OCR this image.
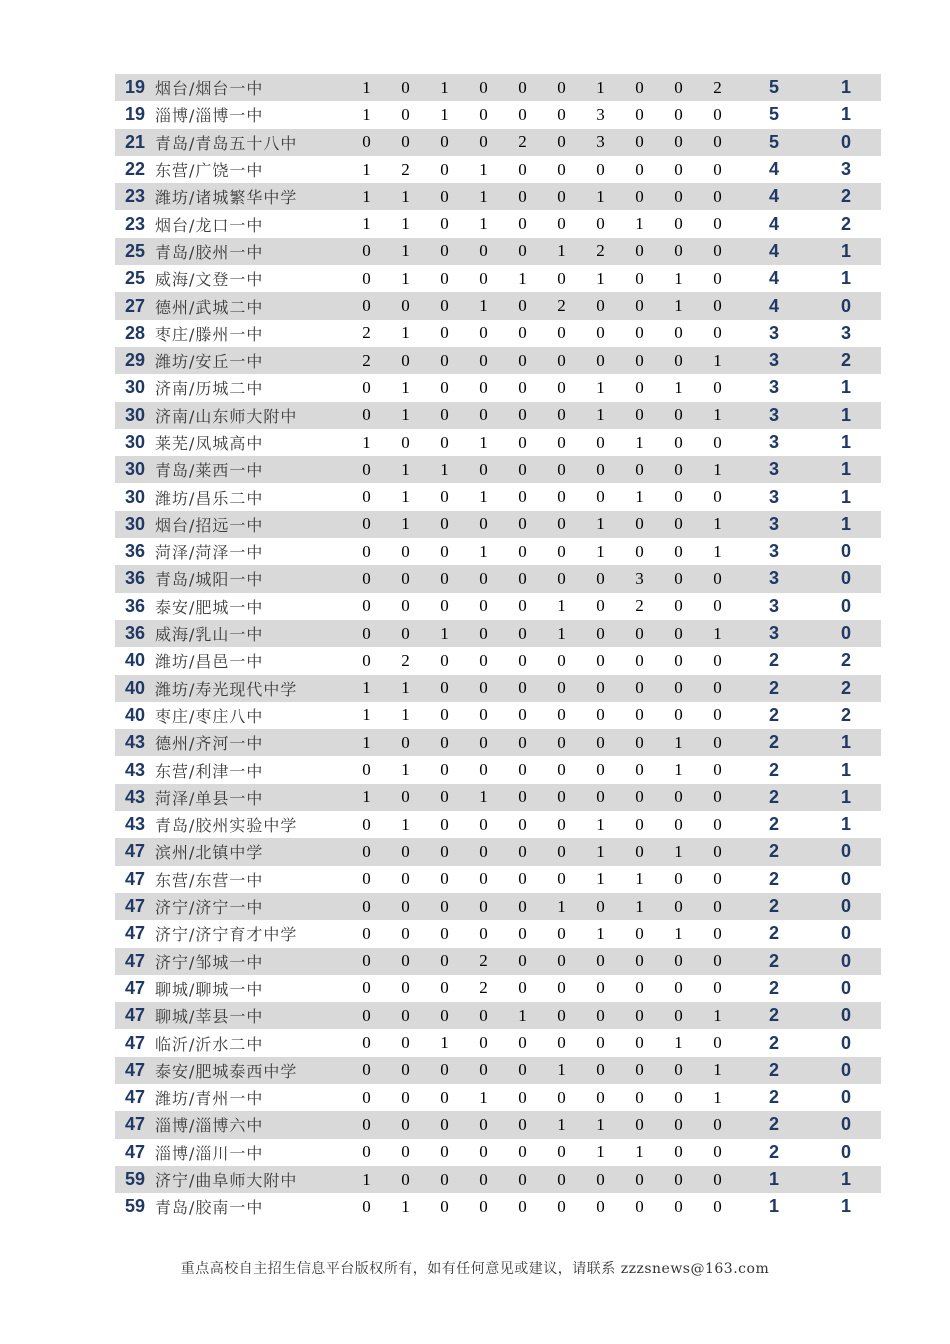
19	烟台/烟台一中	1	0	1	0	0	0	1	0	0	2	5	1
19	淄博/淄博一中	1	0	1	0	0	0	3	0	0	0	5	1
21	青岛/青岛五十八中	0	0	0	0	2	0	3	0	0	0	5	0
22	东营/广饶一中	1	2	0	1	0	0	0	0	0	0	4	3
23	潍坊/诸城繁华中学	1	1	0	1	0	0	1	0	0	0	4	2
23	烟台/龙口一中	1	1	0	1	0	0	0	1	0	0	4	2
25	青岛/胶州一中	0	1	0	0	0	1	2	0	0	0	4	1
25	威海/文登一中	0	1	0	0	1	0	1	0	1	0	4	1
27	德州/武城二中	0	0	0	1	0	2	0	0	1	0	4	0
28	枣庄/滕州一中	2	1	0	0	0	0	0	0	0	0	3	3
29	潍坊/安丘一中	2	0	0	0	0	0	0	0	0	1	3	2
30	济南/历城二中	0	1	0	0	0	0	1	0	1	0	3	1
30	济南/山东师大附中	0	1	0	0	0	0	1	0	0	1	3	1
30	莱芜/凤城高中	1	0	0	1	0	0	0	1	0	0	3	1
30	青岛/莱西一中	0	1	1	0	0	0	0	0	0	1	3	1
30	潍坊/昌乐二中	0	1	0	1	0	0	0	1	0	0	3	1
30	烟台/招远一中	0	1	0	0	0	0	1	0	0	1	3	1
36	菏泽/菏泽一中	0	0	0	1	0	0	1	0	0	1	3	0
36	青岛/城阳一中	0	0	0	0	0	0	0	3	0	0	3	0
36	泰安/肥城一中	0	0	0	0	0	1	0	2	0	0	3	0
36	威海/乳山一中	0	0	1	0	0	1	0	0	0	1	3	0
40	潍坊/昌邑一中	0	2	0	0	0	0	0	0	0	0	2	2
40	潍坊/寿光现代中学	1	1	0	0	0	0	0	0	0	0	2	2
40	枣庄/枣庄八中	1	1	0	0	0	0	0	0	0	0	2	2
43	德州/齐河一中	1	0	0	0	0	0	0	0	1	0	2	1
43	东营/利津一中	0	1	0	0	0	0	0	0	1	0	2	1
43	菏泽/单县一中	1	0	0	1	0	0	0	0	0	0	2	1
43	青岛/胶州实验中学	0	1	0	0	0	0	1	0	0	0	2	1
47	滨州/北镇中学	0	0	0	0	0	0	1	0	1	0	2	0
47	东营/东营一中	0	0	0	0	0	0	1	1	0	0	2	0
47	济宁/济宁一中	0	0	0	0	0	1	0	1	0	0	2	0
47	济宁/济宁育才中学	0	0	0	0	0	0	1	0	1	0	2	0
47	济宁/邹城一中	0	0	0	2	0	0	0	0	0	0	2	0
47	聊城/聊城一中	0	0	0	2	0	0	0	0	0	0	2	0
47	聊城/莘县一中	0	0	0	0	1	0	0	0	0	1	2	0
47	临沂/沂水二中	0	0	1	0	0	0	0	0	1	0	2	0
47	泰安/肥城泰西中学	0	0	0	0	0	1	0	0	0	1	2	0
47	潍坊/青州一中	0	0	0	1	0	0	0	0	0	1	2	0
47	淄博/淄博六中	0	0	0	0	0	1	1	0	0	0	2	0
47	淄博/淄川一中	0	0	0	0	0	0	1	1	0	0	2	0
59	济宁/曲阜师大附中	1	0	0	0	0	0	0	0	0	0	1	1
59	青岛/胶南一中	0	1	0	0	0	0	0	0	0	0	1	1
重点高校自主招生信息平台版权所有，如有任何意见或建议，请联系 zzzsnews@163.com
